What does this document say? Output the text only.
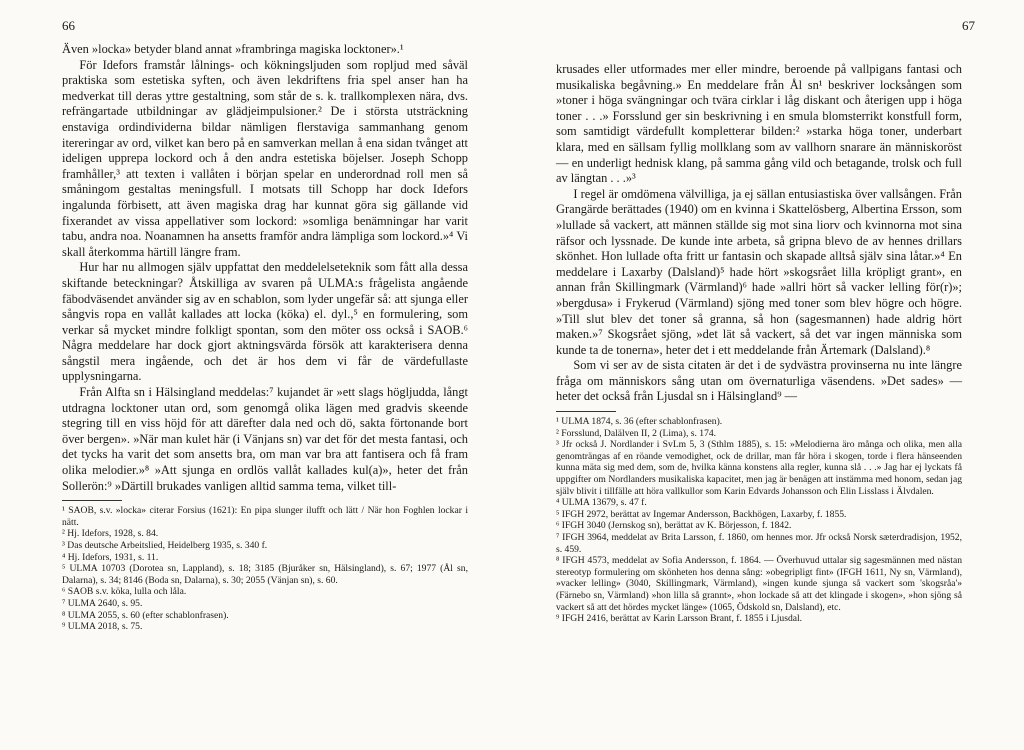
66	67

Även »locka» betyder bland annat »frambringa magiska locktoner».¹

För Idefors framstår lålnings- och kökningsljuden som ropljud med såväl praktiska som estetiska syften, och även lekdriftens fria spel anser han ha medverkat till deras yttre gestaltning, som står de s. k. trallkomplexen nära, dvs. refrängartade utbildningar av glädjeimpulsioner.² De i största utsträckning enstaviga ordindividerna bildar nämligen flerstaviga sammanhang genom itereringar av ord, vilket kan bero på en samverkan mellan å ena sidan tvånget att ideligen upprepa lockord och å den andra estetiska böjelser. Joseph Schopp framhåller,³ att texten i vallåten i början spelar en underordnad roll men så småningom gestaltas meningsfull. I motsats till Schopp har dock Idefors ingalunda förbisett, att även magiska drag har kunnat göra sig gällande vid fixerandet av vissa appellativer som lockord: »somliga benämningar har varit tabu, andra noa. Noanamnen ha ansetts framför andra lämpliga som lockord.»⁴ Vi skall återkomma härtill längre fram.

Hur har nu allmogen själv uppfattat den meddelelseteknik som fått alla dessa skiftande beteckningar? Åtskilliga av svaren på ULMA:s frågelista angående fäbodväsendet använder sig av en schablon, som lyder ungefär så: att sjunga eller sångvis ropa en vallåt kallades att locka (köka) el. dyl.,⁵ en formulering, som verkar så mycket mindre folkligt spontan, som den möter oss också i SAOB.⁶ Några meddelare har dock gjort aktningsvärda försök att karakterisera denna sångstil mera ingående, och det är hos dem vi får de värdefullaste upplysningarna.

Från Alfta sn i Hälsingland meddelas:⁷ kujandet är »ett slags högljudda, långt utdragna locktoner utan ord, som genomgå olika lägen med gradvis skeende stegring till en viss höjd för att därefter dala ned och dö, sakta förtonande bort över bergen». »När man kulet här (i Vänjans sn) var det för det mesta fantasi, och det tycks ha varit det som ansetts bra, om man var bra att fantisera och få fram olika melodier.»⁸ »Att sjunga en ordlös vallåt kallades kul(a)», heter det från Sollerön:⁹ »Därtill brukades vanligen alltid samma tema, vilket till-

¹ SAOB, s.v. »locka» citerar Forsius (1621): En pipa slunger ilufft och lätt / När hon Foghlen lockar i nätt.

² Hj. Idefors, 1928, s. 84.

³ Das deutsche Arbeitslied, Heidelberg 1935, s. 340 f.

⁴ Hj. Idefors, 1931, s. 11.

⁵ ULMA 10703 (Dorotea sn, Lappland), s. 18; 3185 (Bjuråker sn, Hälsingland), s. 67; 1977 (Ål sn, Dalarna), s. 34; 8146 (Boda sn, Dalarna), s. 30; 2055 (Vänjan sn), s. 60.

⁶ SAOB s.v. köka, lulla och låla.

⁷ ULMA 2640, s. 95.

⁸ ULMA 2055, s. 60 (efter schablonfrasen).

⁹ ULMA 2018, s. 75.

krusades eller utformades mer eller mindre, beroende på vallpigans fantasi och musikaliska begåvning.» En meddelare från Ål sn¹ beskriver locksången som »toner i höga svängningar och tvära cirklar i låg diskant och återigen upp i höga toner . . .» Forsslund ger sin beskrivning i en smula blomsterrikt konstfull form, som samtidigt värdefullt kompletterar bilden:² »starka höga toner, underbart klara, med en sällsam fyllig mollklang som av vallhorn snarare än människoröst — en underligt hednisk klang, på samma gång vild och betagande, trolsk och full av längtan . . .»³

I regel är omdömena välvilliga, ja ej sällan entusiastiska över vallsången. Från Grangärde berättades (1940) om en kvinna i Skattelösberg, Albertina Ersson, som »lullade så vackert, att männen ställde sig mot sina liorv och kvinnorna mot sina räfsor och lyssnade. De kunde inte arbeta, så gripna blevo de av hennes drillars skönhet. Hon lullade ofta fritt ur fantasin och skapade alltså själv sina låtar.»⁴ En meddelare i Laxarby (Dalsland)⁵ hade hört »skogsrået lilla kröpligt grant», en annan från Skillingmark (Värmland)⁶ hade »allri hört så vacker lelling för(r)»; »bergdusa» i Frykerud (Värmland) sjöng med toner som blev högre och högre. »Till slut blev det toner så granna, så hon (sagesmannen) hade aldrig hört maken.»⁷ Skogsrået sjöng, »det lät så vackert, så det var ingen människa som kunde ta de tonerna», heter det i ett meddelande från Ärtemark (Dalsland).⁸

Som vi ser av de sista citaten är det i de sydvästra provinserna nu inte längre fråga om människors sång utan om övernaturliga väsendens. »Det sades» — heter det också från Ljusdal sn i Hälsingland⁹ —

¹ ULMA 1874, s. 36 (efter schablonfrasen).

² Forsslund, Dalälven II, 2 (Lima), s. 174.

³ Jfr också J. Nordlander i SvLm 5, 3 (Sthlm 1885), s. 15: »Melodierna äro många och olika, men alla genomträngas af en röande vemodighet, ock de drillar, man får höra i skogen, torde i flera hänseenden kunna mäta sig med dem, som de, hvilka känna konstens alla regler, kunna slå . . .» Jag har ej lyckats få uppgifter om Nordlanders musikaliska kapacitet, men jag är benägen att instämma med honom, sedan jag själv blivit i tillfälle att höra vallkullor som Karin Edvards Johansson och Elin Lisslass i Älvdalen.

⁴ ULMA 13679, s. 47 f.

⁵ IFGH 2972, berättat av Ingemar Andersson, Backhögen, Laxarby, f. 1855.

⁶ IFGH 3040 (Jernskog sn), berättat av K. Börjesson, f. 1842.

⁷ IFGH 3964, meddelat av Brita Larsson, f. 1860, om hennes mor. Jfr också Norsk sæterdradisjon, 1952, s. 459.

⁸ IFGH 4573, meddelat av Sofia Andersson, f. 1864. — Överhuvud uttalar sig sagesmännen med nästan stereotyp formulering om skönheten hos denna sång: »obegripligt fint» (IFGH 1611, Ny sn, Värmland), »vacker lelling» (3040, Skillingmark, Värmland), »ingen kunde sjunga så vackert som 'skogsråa'» (Färnebo sn, Värmland) »hon lilla så grannt», »hon lockade så att det klingade i skogen», »hon sjöng så vackert så att det hördes mycket länge» (1065, Ödskold sn, Dalsland), etc.

⁹ IFGH 2416, berättat av Karin Larsson Brant, f. 1855 i Ljusdal.
